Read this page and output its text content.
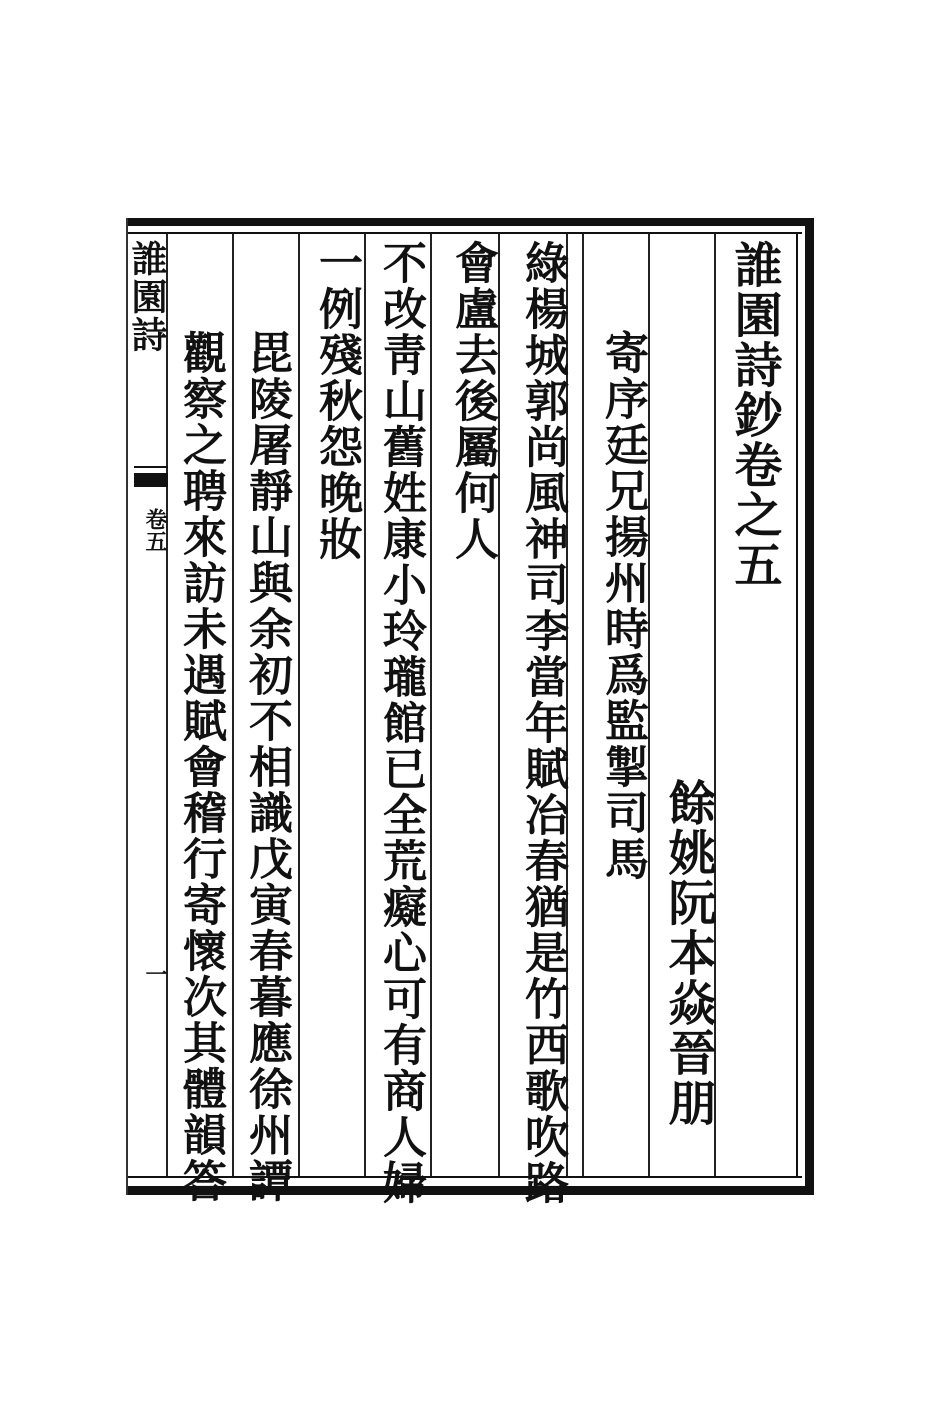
誰園詩
卷五
一
誰園詩鈔卷之五
餘姚阮本焱晉朋
寄序廷兄揚州時爲監掣司馬
綠楊城郭尚風神司李當年賦冶春猶是竹西歌吹路
會盧去後屬何人
不改靑山舊姓康小玲瓏館已全荒癡心可有商人婦
一例殘秋怨晚妝
毘陵屠靜山與余初不相識戊寅春暮應徐州譚
觀察之聘來訪未遇賦會稽行寄懷次其體韻答
